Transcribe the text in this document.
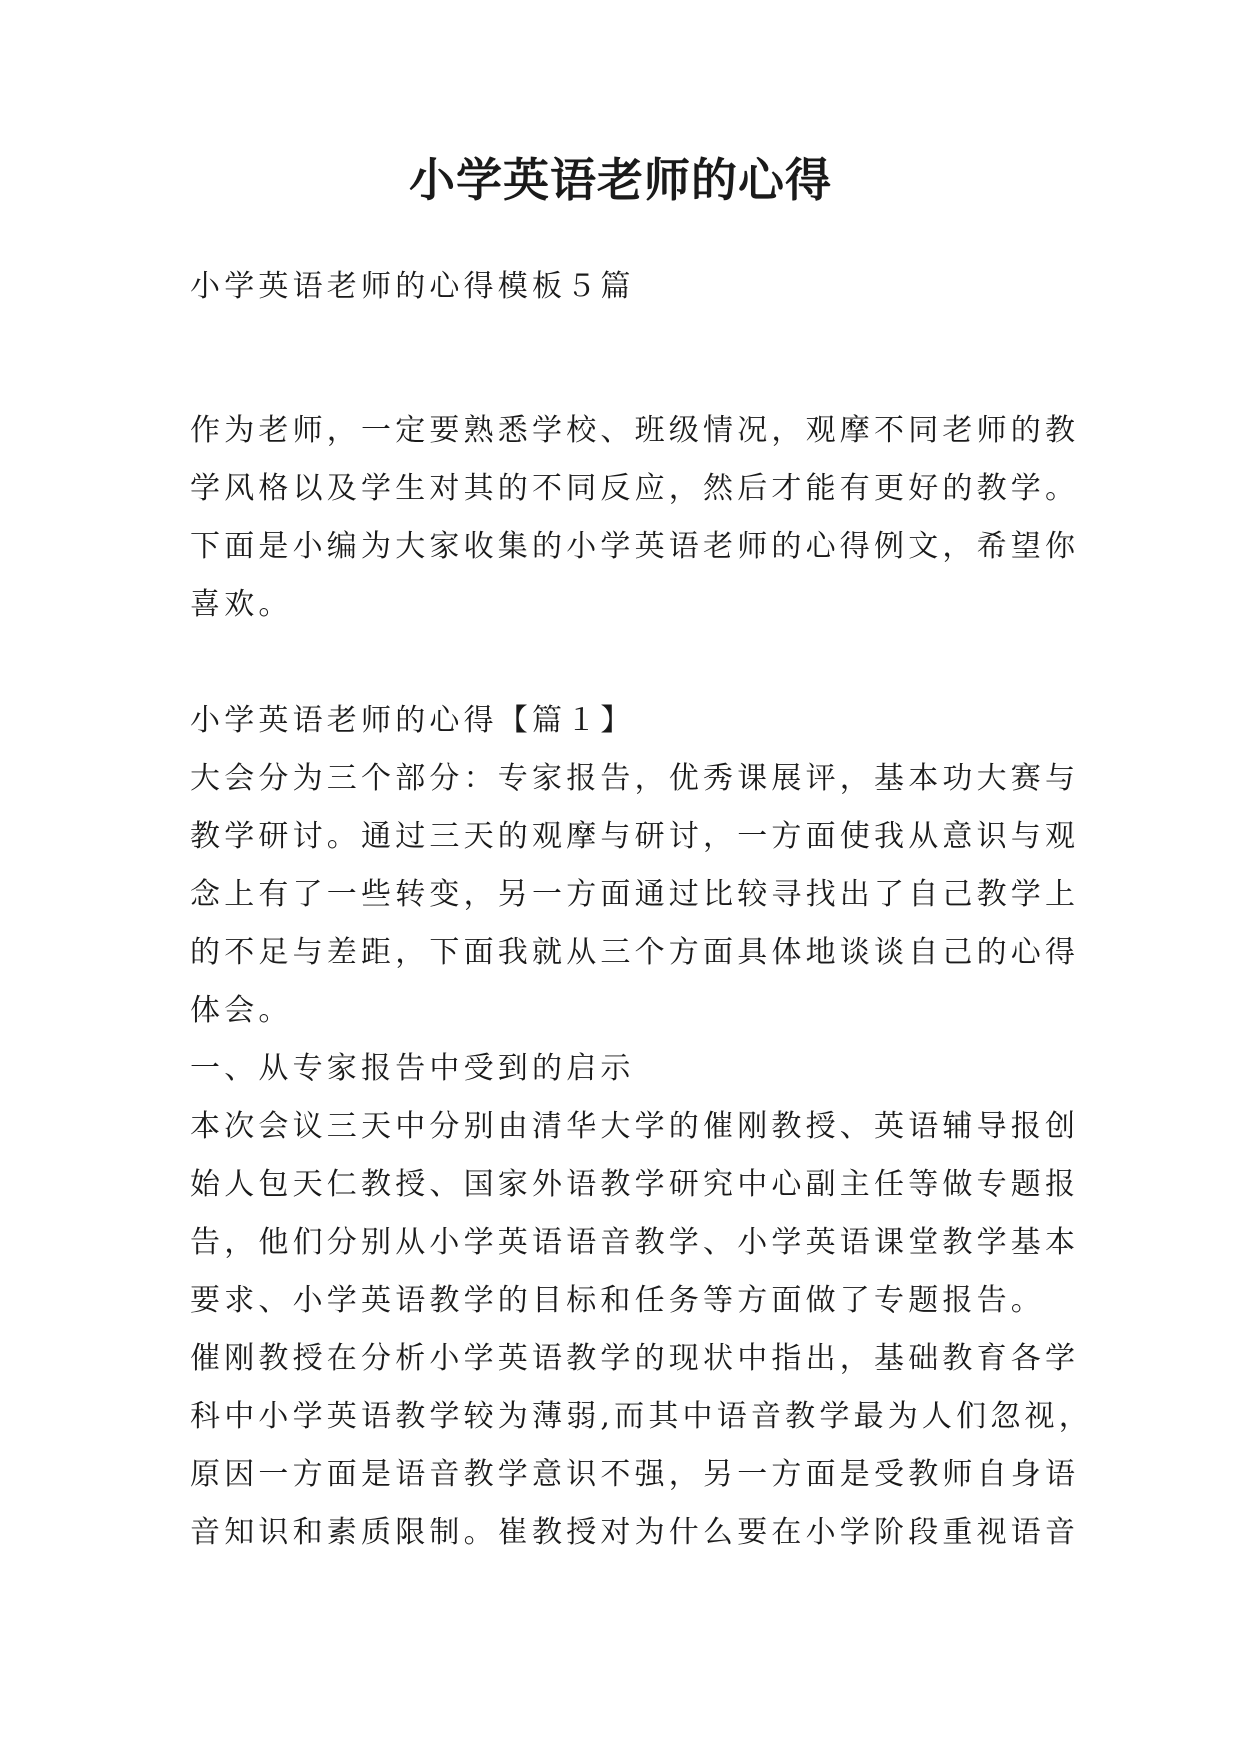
小学英语老师的心得

小学英语老师的心得模板５篇

作为老师，一定要熟悉学校、班级情况，观摩不同老师的教
学风格以及学生对其的不同反应，然后才能有更好的教学。
下面是小编为大家收集的小学英语老师的心得例文，希望你
喜欢。

小学英语老师的心得【篇１】
大会分为三个部分：专家报告，优秀课展评，基本功大赛与
教学研讨。通过三天的观摩与研讨，一方面使我从意识与观
念上有了一些转变，另一方面通过比较寻找出了自己教学上
的不足与差距，下面我就从三个方面具体地谈谈自己的心得
体会。
一、从专家报告中受到的启示
本次会议三天中分别由清华大学的催刚教授、英语辅导报创
始人包天仁教授、国家外语教学研究中心副主任等做专题报
告，他们分别从小学英语语音教学、小学英语课堂教学基本
要求、小学英语教学的目标和任务等方面做了专题报告。
催刚教授在分析小学英语教学的现状中指出，基础教育各学
科中小学英语教学较为薄弱,而其中语音教学最为人们忽视，
原因一方面是语音教学意识不强，另一方面是受教师自身语
音知识和素质限制。崔教授对为什么要在小学阶段重视语音
